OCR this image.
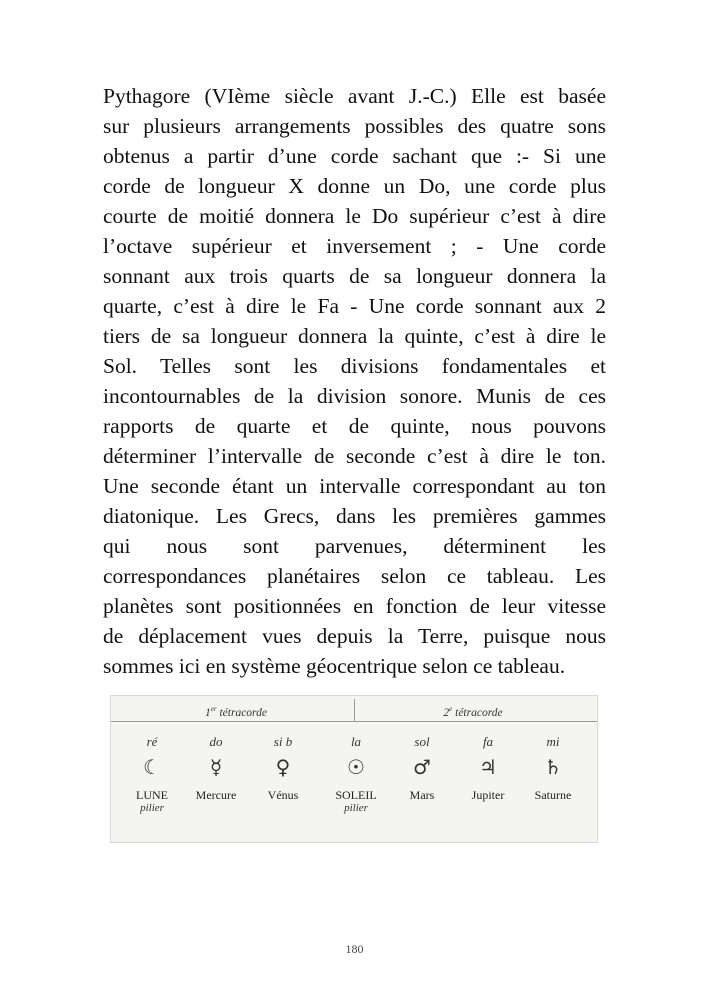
Pythagore (VIème siècle avant J.-C.) Elle est basée
sur plusieurs arrangements possibles des quatre sons
obtenus a partir d’une corde sachant que :- Si une
corde de longueur X donne un Do, une corde plus
courte de moitié donnera le Do supérieur c’est à dire
l’octave supérieur et inversement ; - Une corde
sonnant aux trois quarts de sa longueur donnera la
quarte, c’est à dire le Fa - Une corde sonnant aux 2
tiers de sa longueur donnera la quinte, c’est à dire le
Sol. Telles sont les divisions fondamentales et
incontournables de la division sonore. Munis de ces
rapports de quarte et de quinte, nous pouvons
déterminer l’intervalle de seconde c’est à dire le ton.
Une seconde étant un intervalle correspondant au ton
diatonique. Les Grecs, dans les premières gammes
qui nous sont parvenues, déterminent les
correspondances planétaires selon ce tableau. Les
planètes sont positionnées en fonction de leur vitesse
de déplacement vues depuis la Terre, puisque nous
sommes ici en système géocentrique selon ce tableau.
1er tétracorde	2e tétracorde
ré
☾
LUNE
pilier
do
☿
Mercure
si b
♀
Vénus
la
☉
SOLEIL
pilier
sol
♂
Mars
fa
♃
Jupiter
mi
♄
Saturne
180
